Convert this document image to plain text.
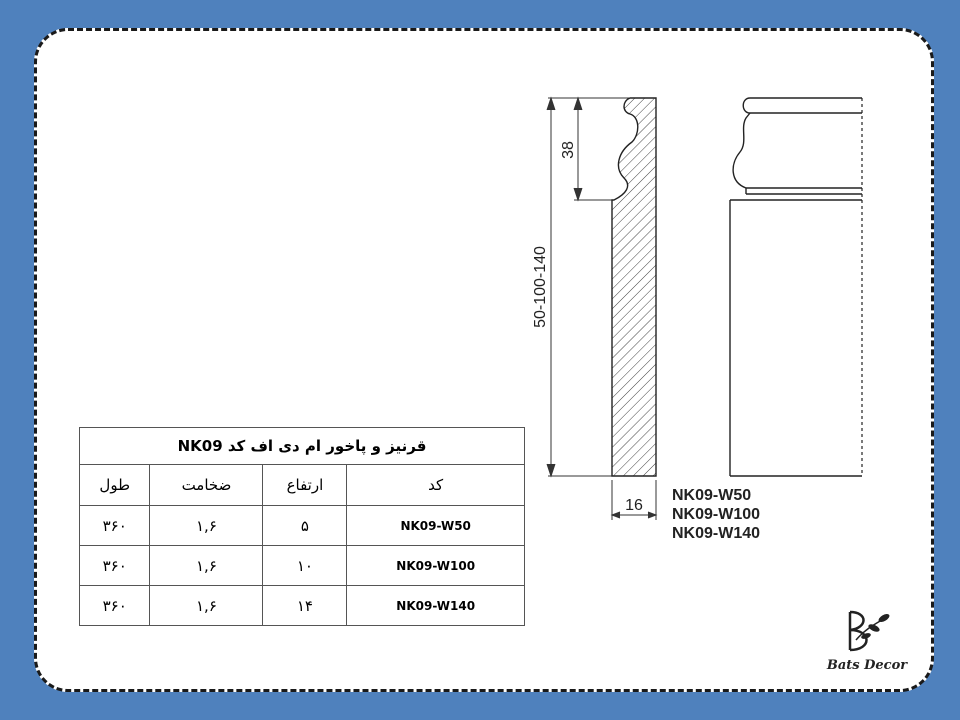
50-100-140
38
16
NK09-W50
NK09-W100
NK09-W140
قرنیز و پاخور ام دی اف کد NK09			
کد	ارتفاع	ضخامت	طول
NK09-W50	۵	۱,۶	۳۶۰
NK09-W100	۱۰	۱,۶	۳۶۰
NK09-W140	۱۴	۱,۶	۳۶۰
Bats Decor
